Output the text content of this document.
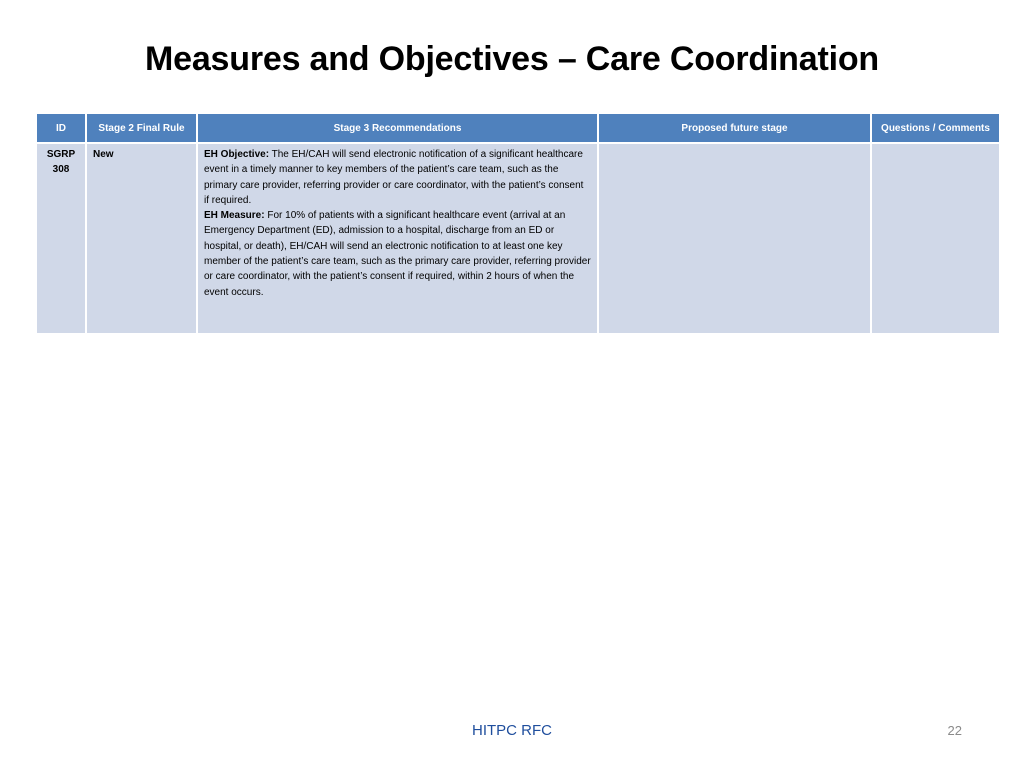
Measures and Objectives – Care Coordination
ID	Stage 2 Final Rule	Stage 3 Recommendations	Proposed future stage	Questions / Comments
SGRP 308	New	EH Objective: The EH/CAH will send electronic notification of a significant healthcare event in a timely manner to key members of the patient’s care team, such as the primary care provider, referring provider or care coordinator, with the patient’s consent if required.
EH Measure: For 10% of patients with a significant healthcare event (arrival at an Emergency Department (ED), admission to a hospital, discharge from an ED or hospital, or death), EH/CAH will send an electronic notification to at least one key member of the patient’s care team, such as the primary care provider, referring provider or care coordinator, with the patient’s consent if required, within 2 hours of when the event occurs.		
HITPC RFC	22
